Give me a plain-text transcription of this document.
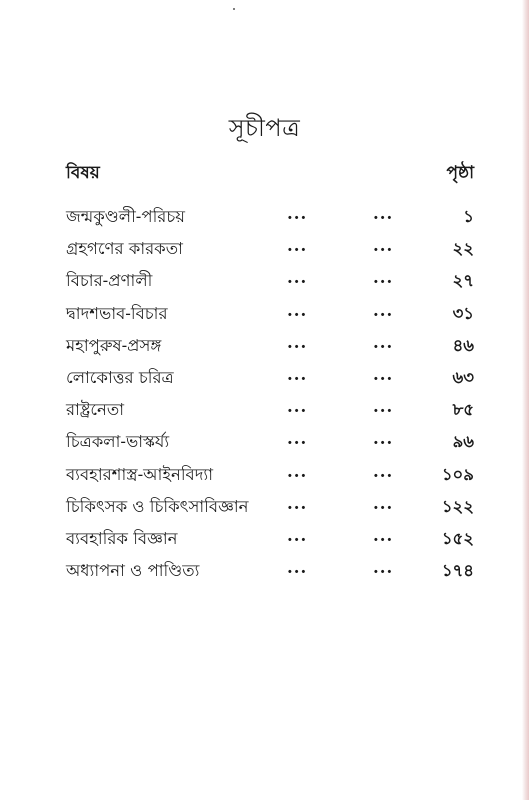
সূচীপত্র
বিষয়	পৃষ্ঠা
জন্মকুণ্ডলী-পরিচয়	...	...	১
গ্রহগণের কারকতা	...	...	২২
বিচার-প্রণালী	...	...	২৭
দ্বাদশভাব-বিচার	...	...	৩১
মহাপুরুষ-প্রসঙ্গ	...	...	৪৬
লোকোত্তর চরিত্র	...	...	৬৩
রাষ্ট্রনেতা	...	...	৮৫
চিত্রকলা-ভাস্কর্য্য	...	...	৯৬
ব্যবহারশাস্ত্র-আইনবিদ্যা	...	...	১০৯
চিকিৎসক ও চিকিৎসাবিজ্ঞান ...	...	১২২
ব্যবহারিক বিজ্ঞান	...	...	১৫২
অধ্যাপনা ও পাণ্ডিত্য	...	...	১৭৪
